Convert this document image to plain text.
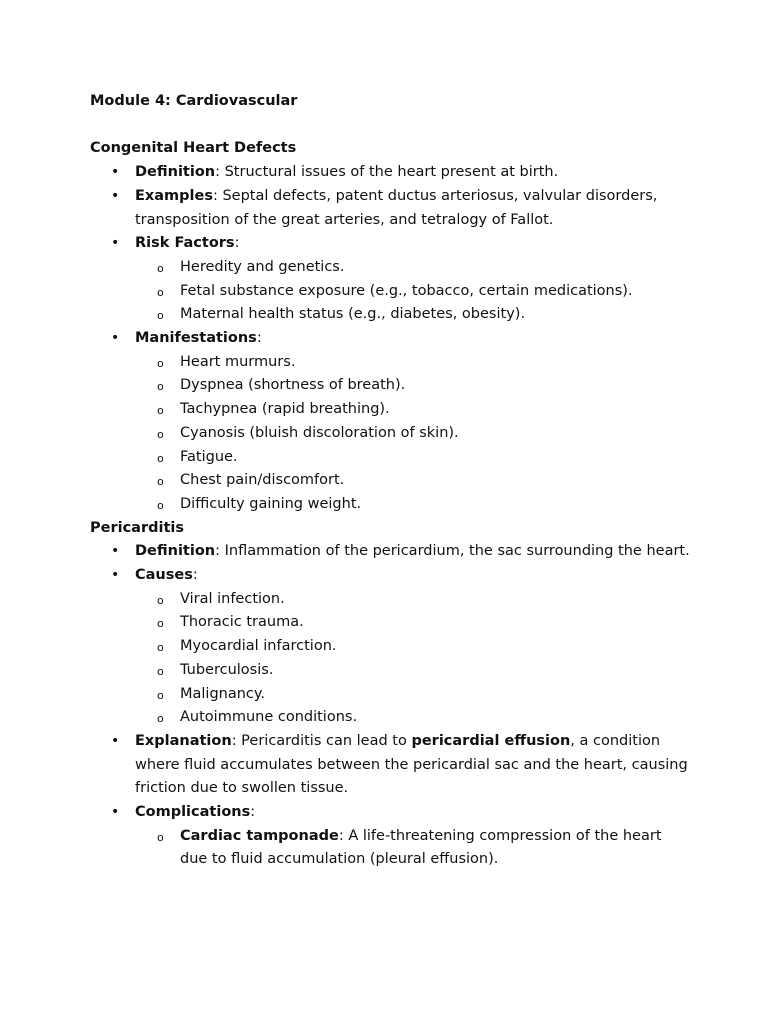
Module 4: Cardiovascular
Congenital Heart Defects
• Definition: Structural issues of the heart present at birth.
• Examples: Septal defects, patent ductus arteriosus, valvular disorders, transposition of the great arteries, and tetralogy of Fallot.
• Risk Factors:
o Heredity and genetics.
o Fetal substance exposure (e.g., tobacco, certain medications).
o Maternal health status (e.g., diabetes, obesity).
• Manifestations:
o Heart murmurs.
o Dyspnea (shortness of breath).
o Tachypnea (rapid breathing).
o Cyanosis (bluish discoloration of skin).
o Fatigue.
o Chest pain/discomfort.
o Difficulty gaining weight.
Pericarditis
• Definition: Inflammation of the pericardium, the sac surrounding the heart.
• Causes:
o Viral infection.
o Thoracic trauma.
o Myocardial infarction.
o Tuberculosis.
o Malignancy.
o Autoimmune conditions.
• Explanation: Pericarditis can lead to pericardial effusion, a condition where fluid accumulates between the pericardial sac and the heart, causing friction due to swollen tissue.
• Complications:
o Cardiac tamponade: A life-threatening compression of the heart due to fluid accumulation (pleural effusion).
